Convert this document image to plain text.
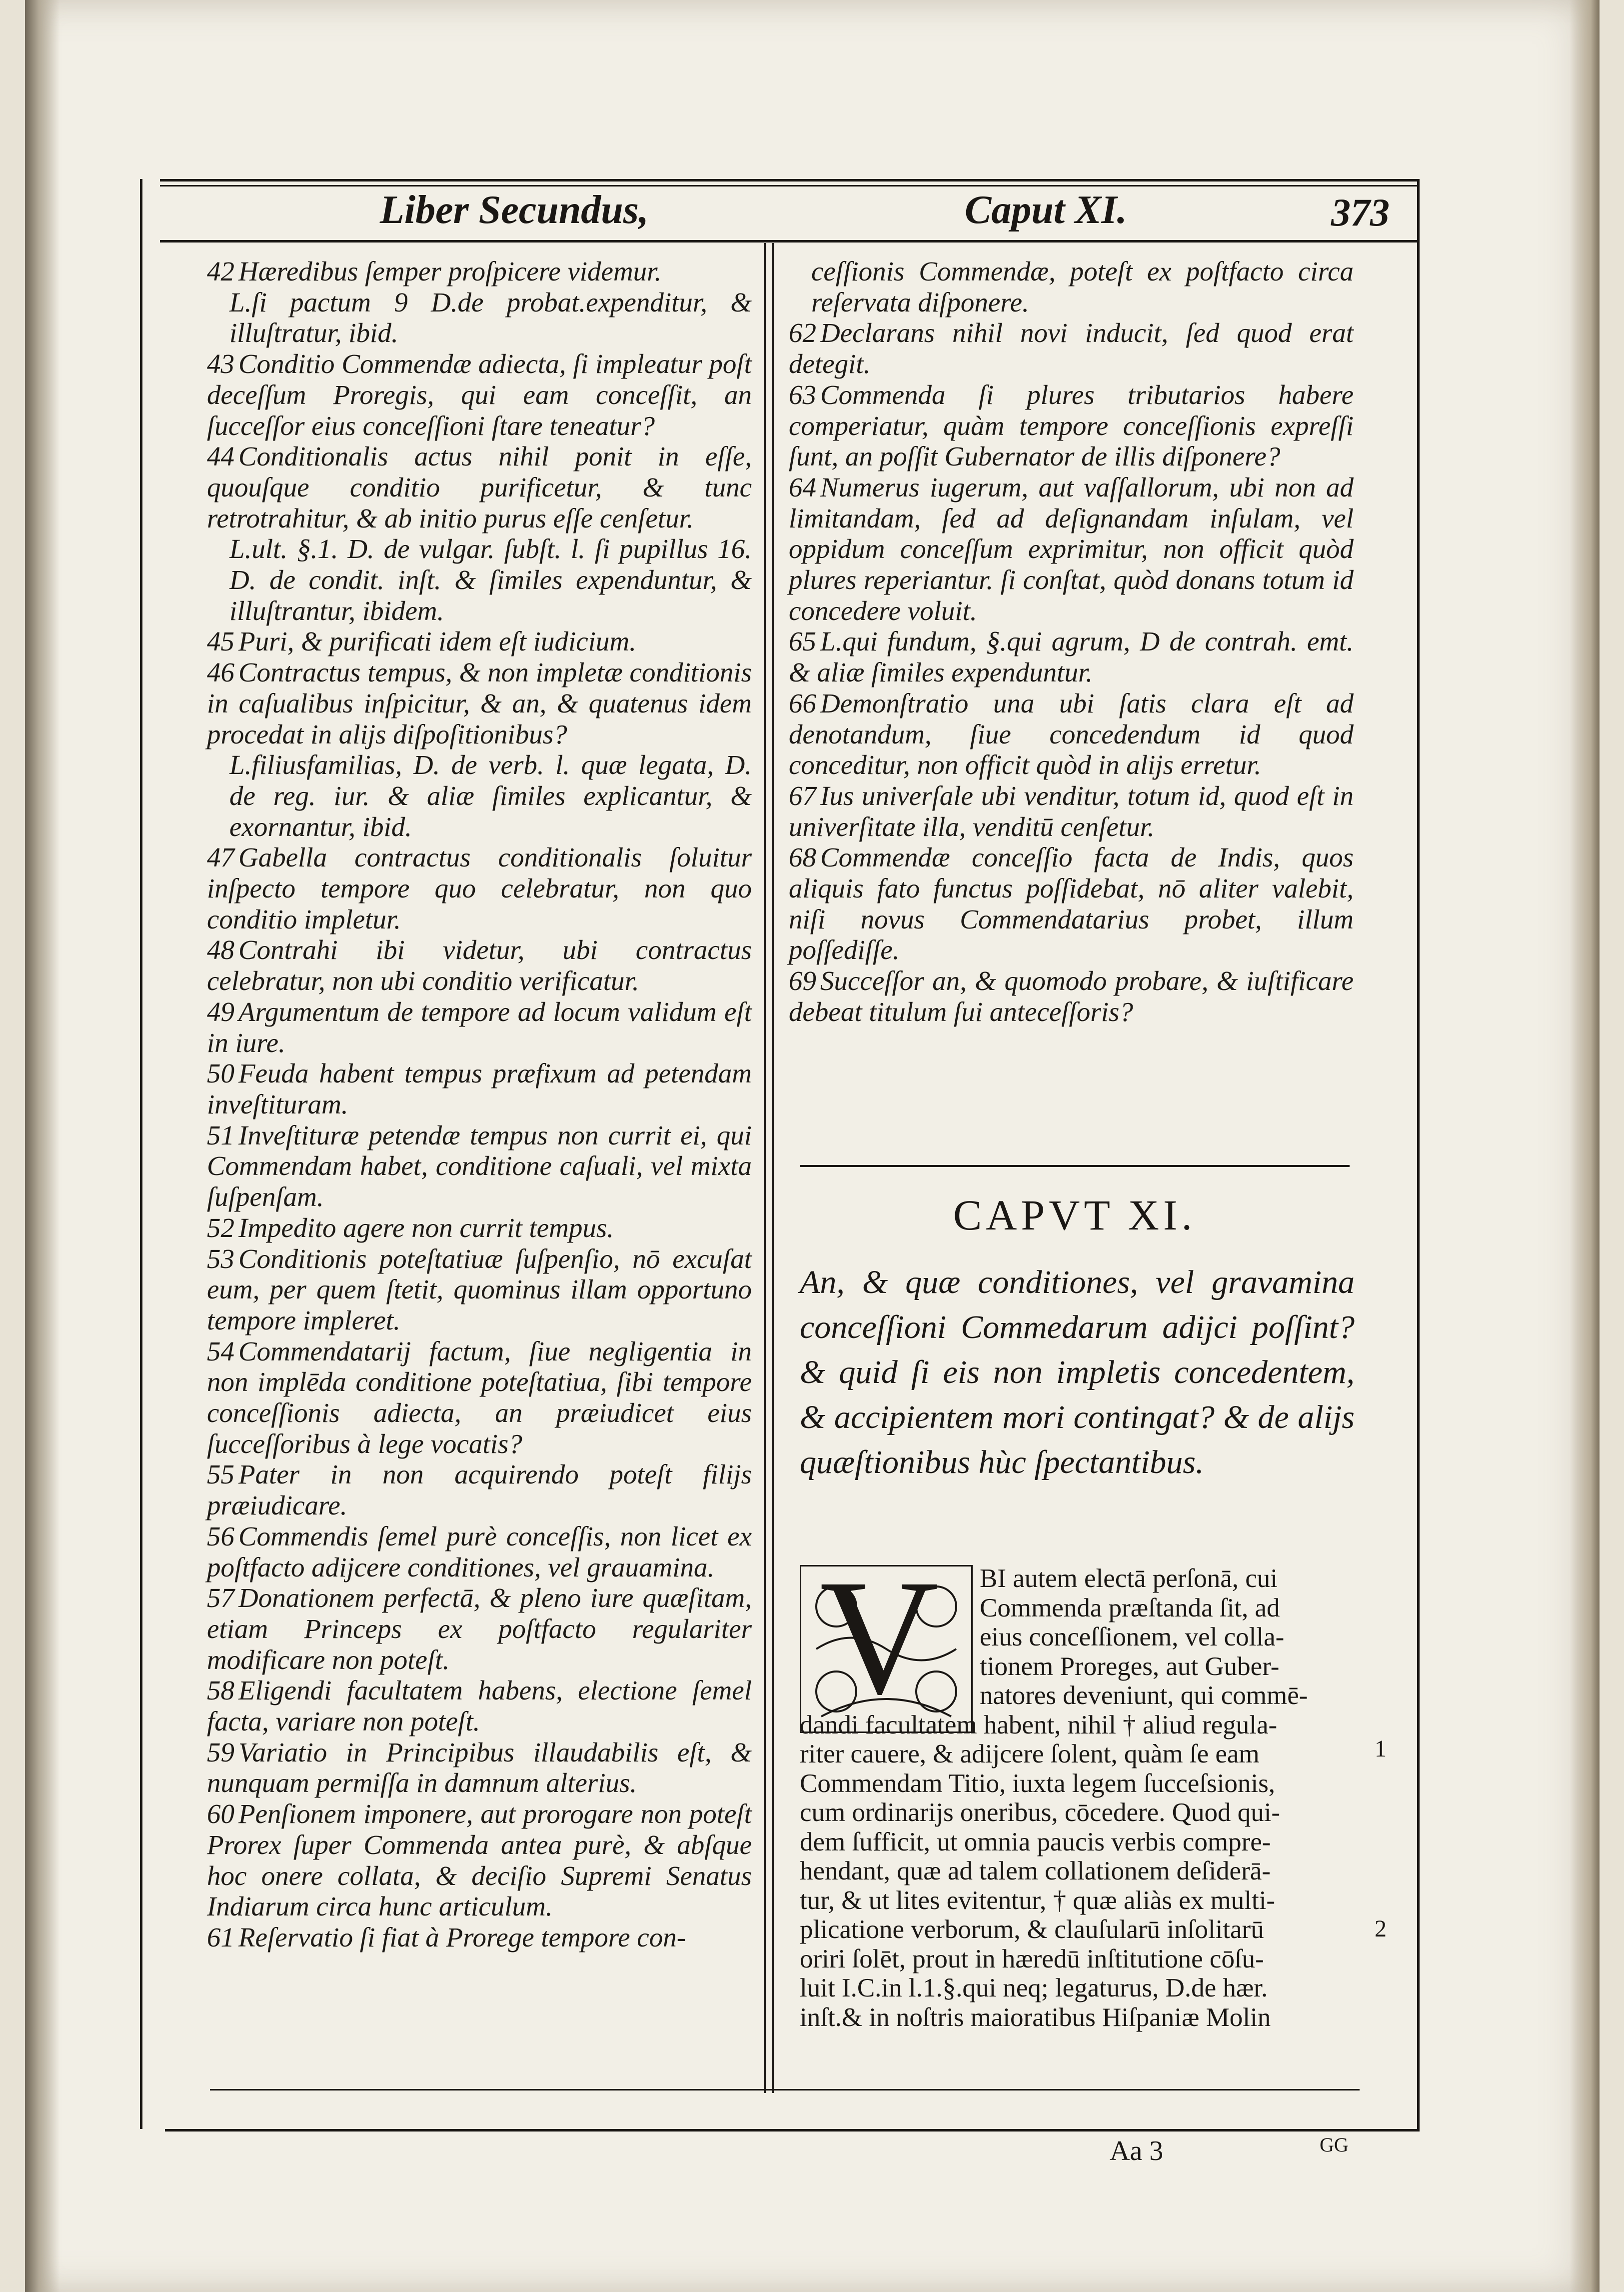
Liber Secundus,	Caput XI.	373
42 Hæredibus ſemper proſpicere videmur.
L.ſi pactum 9 D.de probat.expenditur, & illuſtratur, ibid.
43 Conditio Commendæ adiecta, ſi impleatur poſt deceſſum Proregis, qui eam conceſſit, an ſucceſſor eius conceſſioni ſtare teneatur?
44 Conditionalis actus nihil ponit in eſſe, quouſque conditio purificetur, & tunc retrotrahitur, & ab initio purus eſſe cenſetur.
L.ult. §.1. D. de vulgar. ſubſt. l. ſi pupillus 16. D. de condit. inſt. & ſimiles expenduntur, & illuſtrantur, ibidem.
45 Puri, & purificati idem eſt iudicium.
46 Contractus tempus, & non impletæ conditionis in caſualibus inſpicitur, & an, & quatenus idem procedat in alijs diſpoſitionibus?
L.filiusfamilias, D. de verb. l. quæ legata, D. de reg. iur. & aliæ ſimiles explicantur, & exornantur, ibid.
47 Gabella contractus conditionalis ſoluitur inſpecto tempore quo celebratur, non quo conditio impletur.
48 Contrahi ibi videtur, ubi contractus celebratur, non ubi conditio verificatur.
49 Argumentum de tempore ad locum validum eſt in iure.
50 Feuda habent tempus præfixum ad petendam inveſtituram.
51 Inveſtituræ petendæ tempus non currit ei, qui Commendam habet, conditione caſuali, vel mixta ſuſpenſam.
52 Impedito agere non currit tempus.
53 Conditionis poteſtatiuæ ſuſpenſio, nō excuſat eum, per quem ſtetit, quominus illam opportuno tempore impleret.
54 Commendatarij factum, ſiue negligentia in non implēda conditione poteſtatiua, ſibi tempore conceſſionis adiecta, an præiudicet eius ſucceſſoribus à lege vocatis?
55 Pater in non acquirendo poteſt filijs præiudicare.
56 Commendis ſemel purè conceſſis, non licet ex poſtfacto adijcere conditiones, vel grauamina.
57 Donationem perfectā, & pleno iure quæſitam, etiam Princeps ex poſtfacto regulariter modificare non poteſt.
58 Eligendi facultatem habens, electione ſemel facta, variare non poteſt.
59 Variatio in Principibus illaudabilis eſt, & nunquam permiſſa in damnum alterius.
60 Penſionem imponere, aut prorogare non poteſt Prorex ſuper Commenda antea purè, & abſque hoc onere collata, & deciſio Supremi Senatus Indiarum circa hunc articulum.
61 Reſervatio ſi fiat à Prorege tempore con-
ceſſionis Commendæ, poteſt ex poſtfacto circa reſervata diſponere.
62 Declarans nihil novi inducit, ſed quod erat detegit.
63 Commenda ſi plures tributarios habere comperiatur, quàm tempore conceſſionis expreſſi ſunt, an poſſit Gubernator de illis diſponere?
64 Numerus iugerum, aut vaſſallorum, ubi non ad limitandam, ſed ad deſignandam inſulam, vel oppidum conceſſum exprimitur, non officit quòd plures reperiantur. ſi conſtat, quòd donans totum id concedere voluit.
65 L.qui fundum, §.qui agrum, D de contrah. emt. & aliæ ſimiles expenduntur.
66 Demonſtratio una ubi ſatis clara eſt ad denotandum, ſiue concedendum id quod conceditur, non officit quòd in alijs erretur.
67 Ius univerſale ubi venditur, totum id, quod eſt in univerſitate illa, venditū cenſetur.
68 Commendæ conceſſio facta de Indis, quos aliquis fato functus poſſidebat, nō aliter valebit, niſi novus Commendatarius probet, illum poſſediſſe.
69 Succeſſor an, & quomodo probare, & iuſtificare debeat titulum ſui anteceſſoris?
CAPVT XI.
An, & quæ conditiones, vel gravamina conceſſioni Commedarum adijci poſſint? & quid ſi eis non impletis concedentem, & accipientem mori contingat? & de alijs quæſtionibus hùc ſpectantibus.
V	BI autem electā perſonā, cui
Commenda præſtanda ſit, ad
eius conceſſionem, vel colla-
tionem Proreges, aut Guber-
natores deveniunt, qui commē-
dandi facultatem habent, nihil † aliud regula-
riter cauere, & adijcere ſolent, quàm ſe eam
Commendam Titio, iuxta legem ſucceſsionis,
cum ordinarijs oneribus, cōcedere. Quod qui-
dem ſufficit, ut omnia paucis verbis compre-
hendant, quæ ad talem collationem deſiderā-
tur, & ut lites evitentur, † quæ aliàs ex multi-
plicatione verborum, & clauſularū inſolitarū
oriri ſolēt, prout in hæredū inſtitutione cōſu-
luit I.C.in l.1.§.qui neq; legaturus, D.de hær.
inſt.& in noſtris maioratibus Hiſpaniæ Molin
1
2
Aa 3	GG
